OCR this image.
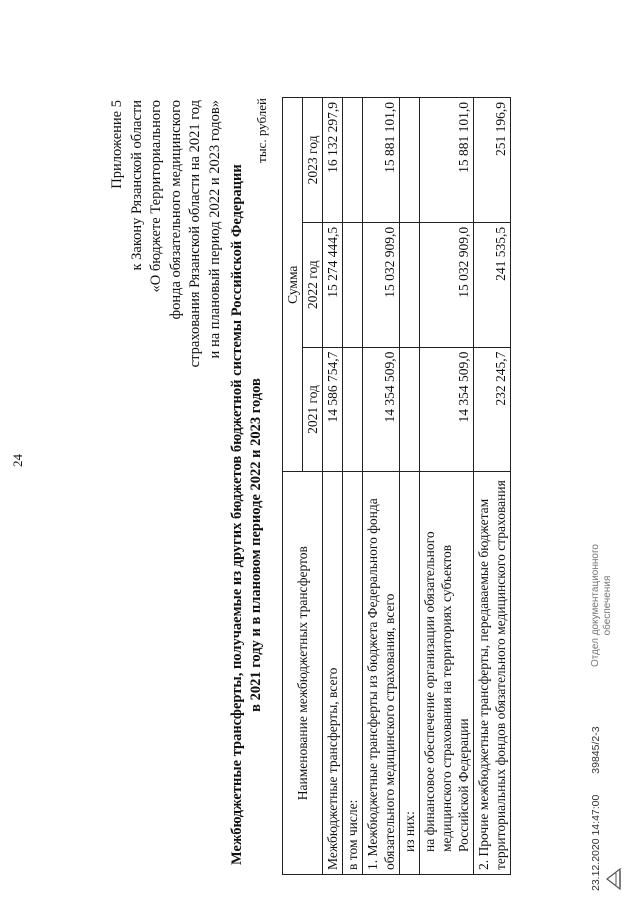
24
Приложение 5 к Закону Рязанской области «О бюджете Территориального фонда обязательного медицинского страхования Рязанской области на 2021 год и на плановый период 2022 и 2023 годов» Межбюджетные трансферты, получаемые из других бюджетов бюджетной системы Российской Федерации в 2021 году и в плановом периоде 2022 и 2023 годов
тыс. рублей
Наименование межбюджетных трансфертов	Сумма		
	2021 год	2022 год	2023 год
Межбюджетные трансферты, всего	14 586 754,7	15 274 444,5	16 132 297,9
в том числе:			
1. Межбюджетные трансферты из бюджета Федерального фонда обязательного медицинского страхования, всего	14 354 509,0	15 032 909,0	15 881 101,0
из них:			
на финансовое обеспечение организации обязательного медицинского страхования на территориях субъектов Российской Федерации	14 354 509,0	15 032 909,0	15 881 101,0
2. Прочие межбюджетные трансферты, передаваемые бюджетам территориальных фондов обязательного медицинского страхования	232 245,7	241 535,5	251 196,9
23.12.2020 14:47:00 39845/2-3
Отдел документационного обеспечения
